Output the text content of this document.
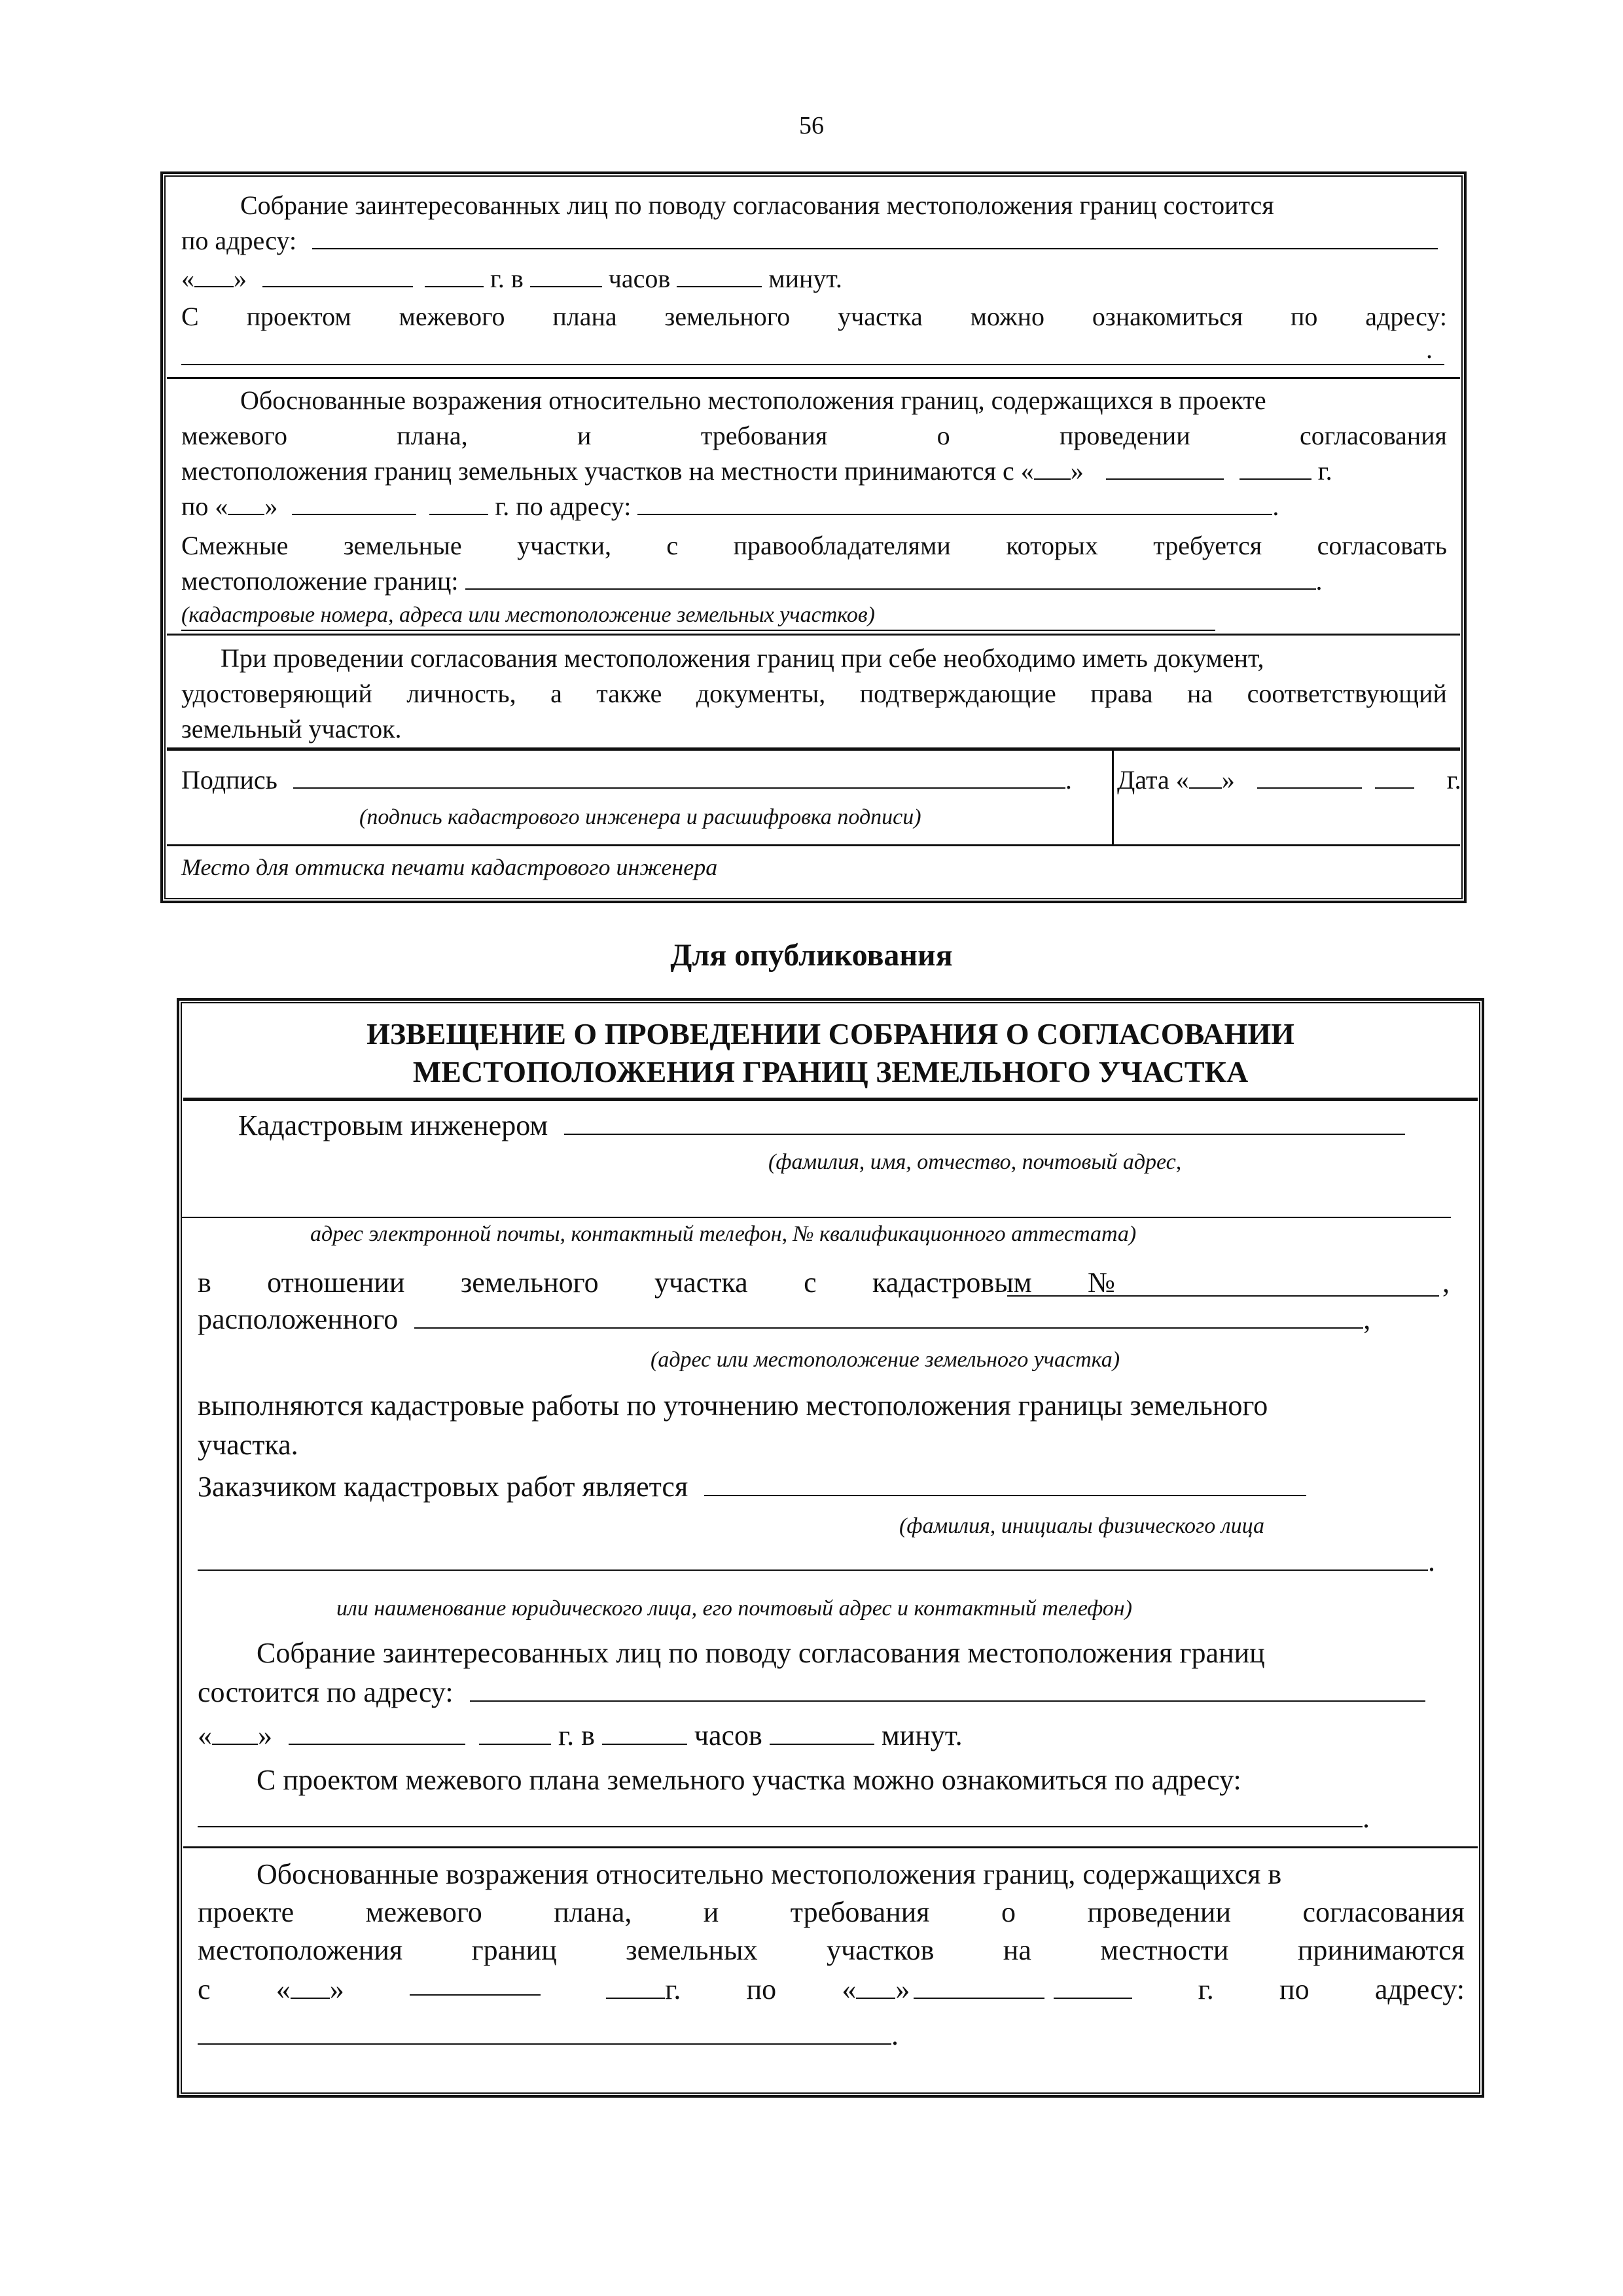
56
Собрание заинтересованных лиц по поводу согласования местоположения границ состоится
по адресу:
« »	г. в	часов	минут.
С проектом межевого плана земельного участка можно ознакомиться по адресу:
.
Обоснованные возражения относительно местоположения границ, содержащихся в проекте
межевого	плана,	и	требования	о	проведении	согласования
местоположения границ земельных участков на местности принимаются с « »	г.
по « »	г. по адресу:	.
Смежные земельные участки, с правообладателями которых требуется согласовать
местоположение границ:	.
(кадастровые номера, адреса или местоположение земельных участков)
При проведении согласования местоположения границ при себе необходимо иметь документ,
удостоверяющий личность, а также документы, подтверждающие права на соответствующий
земельный участок.
Подпись	.
(подпись кадастрового инженера и расшифровка подписи)
Дата « »	г.
Место для оттиска печати кадастрового инженера
Для опубликования
ИЗВЕЩЕНИЕ О ПРОВЕДЕНИИ СОБРАНИЯ О СОГЛАСОВАНИИ
МЕСТОПОЛОЖЕНИЯ ГРАНИЦ ЗЕМЕЛЬНОГО УЧАСТКА
Кадастровым инженером
(фамилия, имя, отчество, почтовый адрес,
адрес электронной почты, контактный телефон, № квалификационного аттестата)
в отношении земельного участка с кадастровым №	,
расположенного	,
(адрес или местоположение земельного участка)
выполняются кадастровые работы по уточнению местоположения границы земельного
участка.
Заказчиком кадастровых работ является
(фамилия, инициалы физического лица
.
или наименование юридического лица, его почтовый адрес и контактный телефон)
Собрание заинтересованных лиц по поводу согласования местоположения границ
состоится по адресу:
« »	г. в	часов	минут.
С проектом межевого плана земельного участка можно ознакомиться по адресу:
.
Обоснованные возражения относительно местоположения границ, содержащихся в
проекте межевого плана, и требования о проведении согласования
местоположения границ земельных участков на местности принимаются
с « »	г. по « »	г. по адресу:
.
